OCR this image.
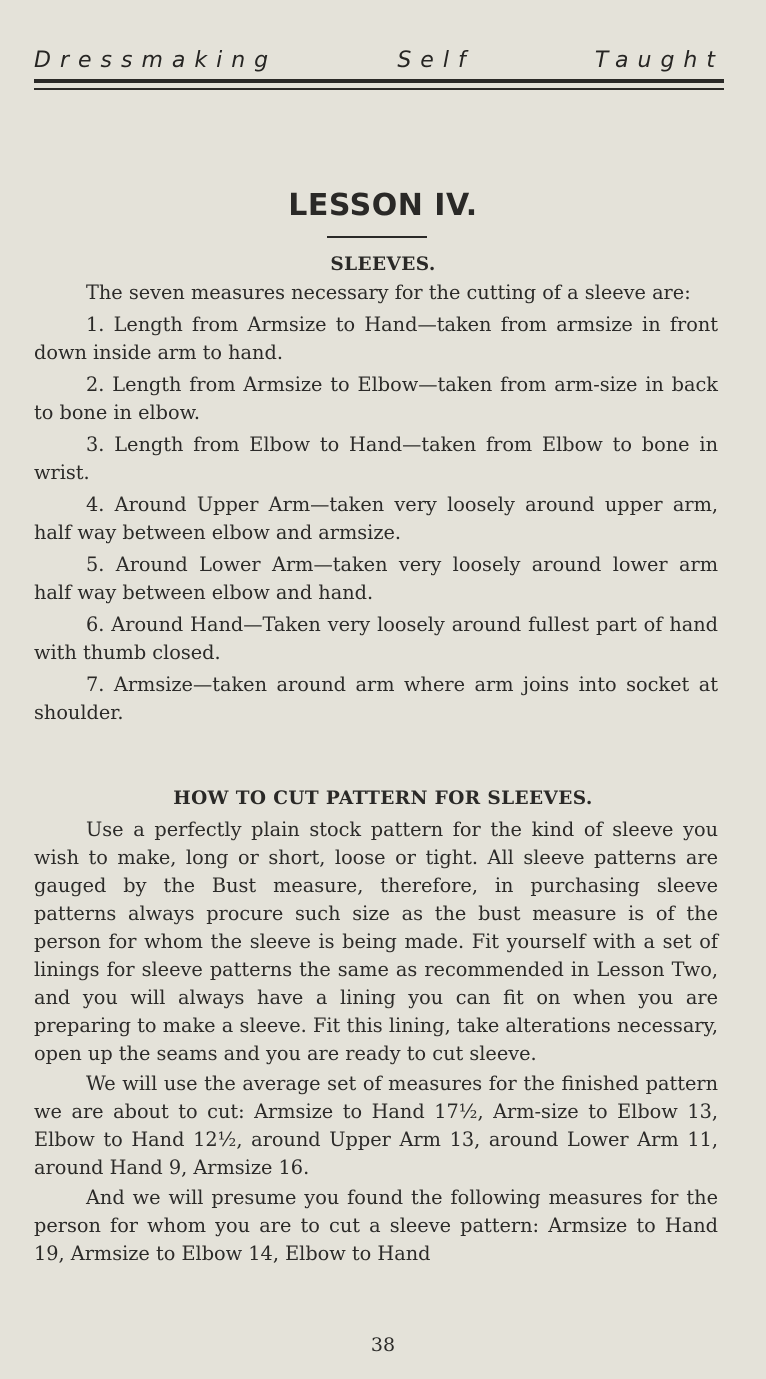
Dressmaking	Self	Taught
LESSON IV.
SLEEVES.

The seven measures necessary for the cutting of a sleeve are:

1. Length from Armsize to Hand—taken from armsize in front down inside arm to hand.

2. Length from Armsize to Elbow—taken from arm-size in back to bone in elbow.

3. Length from Elbow to Hand—taken from Elbow to bone in wrist.

4. Around Upper Arm—taken very loosely around upper arm, half way between elbow and armsize.

5. Around Lower Arm—taken very loosely around lower arm half way between elbow and hand.

6. Around Hand—Taken very loosely around fullest part of hand with thumb closed.

7. Armsize—taken around arm where arm joins into socket at shoulder.

HOW TO CUT PATTERN FOR SLEEVES.

Use a perfectly plain stock pattern for the kind of sleeve you wish to make, long or short, loose or tight. All sleeve patterns are gauged by the Bust measure, therefore, in purchasing sleeve patterns always procure such size as the bust measure is of the person for whom the sleeve is being made. Fit yourself with a set of linings for sleeve patterns the same as recommended in Lesson Two, and you will always have a lining you can fit on when you are preparing to make a sleeve. Fit this lining, take alterations necessary, open up the seams and you are ready to cut sleeve.

We will use the average set of measures for the finished pattern we are about to cut: Armsize to Hand 17½, Arm-size to Elbow 13, Elbow to Hand 12½, around Upper Arm 13, around Lower Arm 11, around Hand 9, Armsize 16.

And we will presume you found the following measures for the person for whom you are to cut a sleeve pattern: Armsize to Hand 19, Armsize to Elbow 14, Elbow to Hand

38
